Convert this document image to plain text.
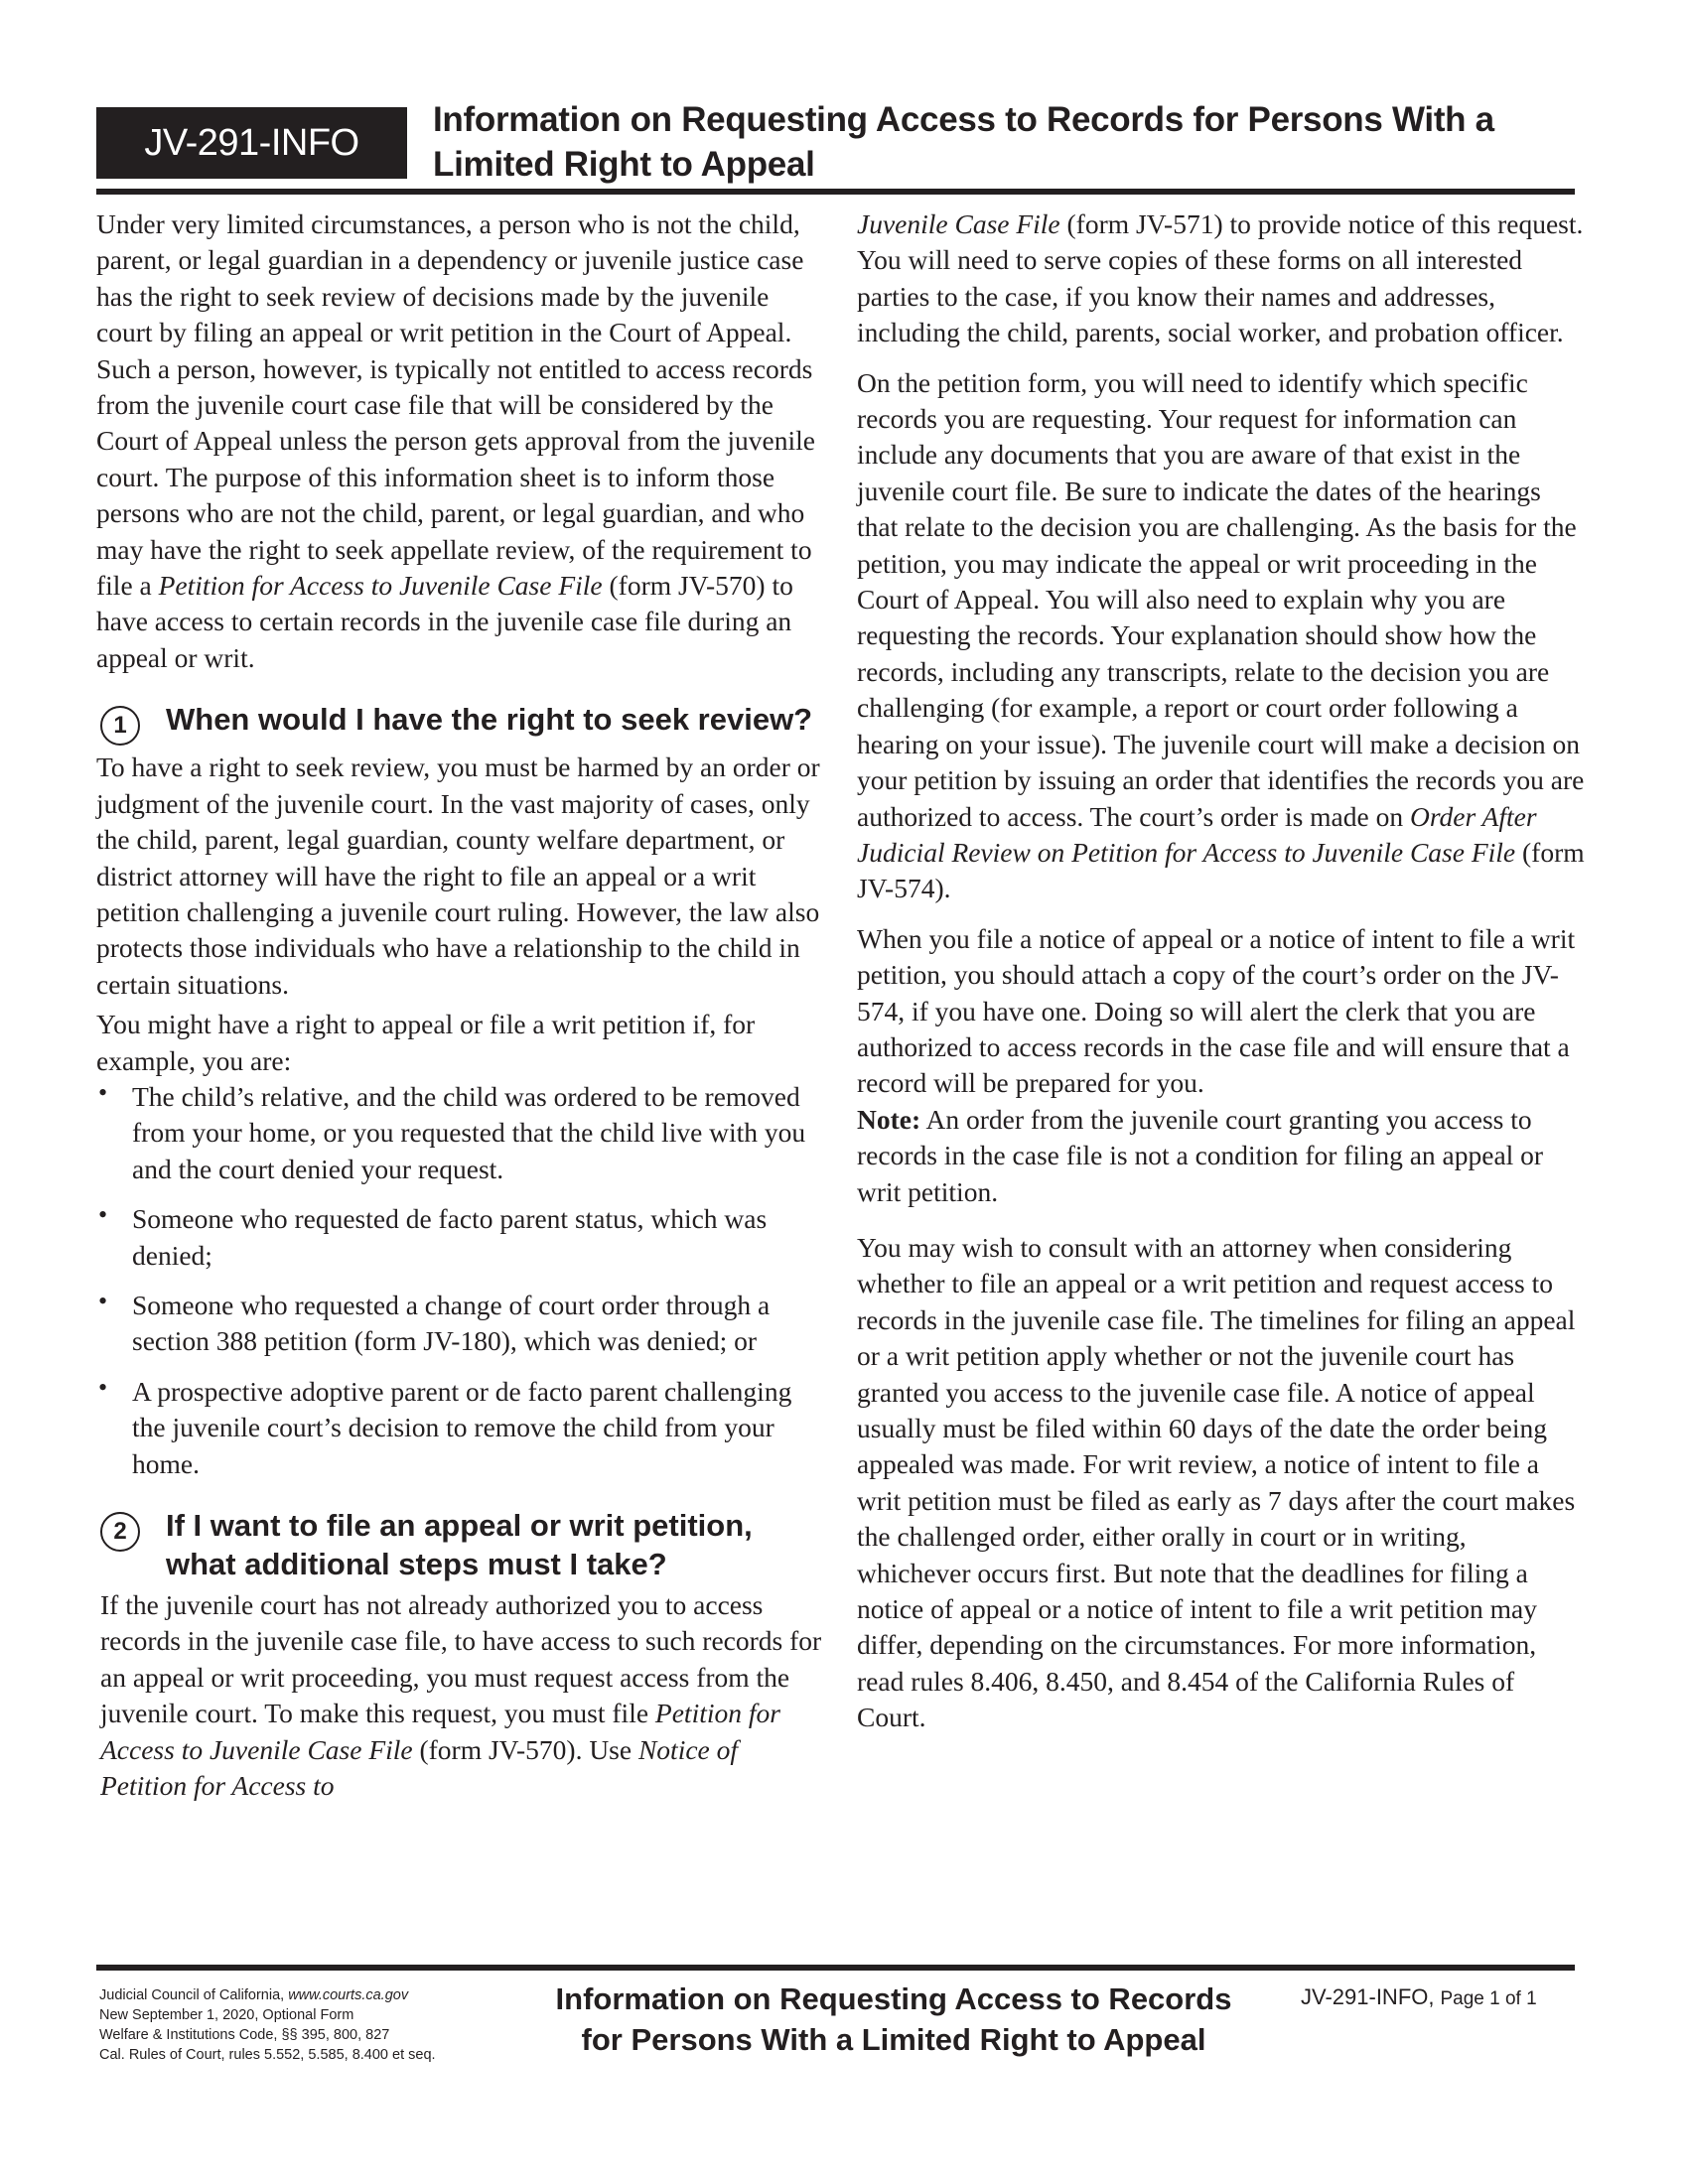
JV-291-INFO
Information on Requesting Access to Records for Persons With a Limited Right to Appeal

Under very limited circumstances, a person who is not the child, parent, or legal guardian in a dependency or juvenile justice case has the right to seek review of decisions made by the juvenile court by filing an appeal or writ petition in the Court of Appeal. Such a person, however, is typically not entitled to access records from the juvenile court case file that will be considered by the Court of Appeal unless the person gets approval from the juvenile court. The purpose of this information sheet is to inform those persons who are not the child, parent, or legal guardian, and who may have the right to seek appellate review, of the requirement to file a Petition for Access to Juvenile Case File (form JV-570) to have access to certain records in the juvenile case file during an appeal or writ.

1	When would I have the right to seek review?

To have a right to seek review, you must be harmed by an order or judgment of the juvenile court. In the vast majority of cases, only the child, parent, legal guardian, county welfare department, or district attorney will have the right to file an appeal or a writ petition challenging a juvenile court ruling. However, the law also protects those individuals who have a relationship to the child in certain situations.

You might have a right to appeal or file a writ petition if, for example, you are:

• The child’s relative, and the child was ordered to be removed from your home, or you requested that the child live with you and the court denied your request.
• Someone who requested de facto parent status, which was denied;
• Someone who requested a change of court order through a section 388 petition (form JV-180), which was denied; or
• A prospective adoptive parent or de facto parent challenging the juvenile court’s decision to remove the child from your home.
2	If I want to file an appeal or writ petition, what additional steps must I take?

If the juvenile court has not already authorized you to access records in the juvenile case file, to have access to such records for an appeal or writ proceeding, you must request access from the juvenile court. To make this request, you must file Petition for Access to Juvenile Case File (form JV-570). Use Notice of Petition for Access to

Juvenile Case File (form JV-571) to provide notice of this request. You will need to serve copies of these forms on all interested parties to the case, if you know their names and addresses, including the child, parents, social worker, and probation officer.

On the petition form, you will need to identify which specific records you are requesting. Your request for information can include any documents that you are aware of that exist in the juvenile court file. Be sure to indicate the dates of the hearings that relate to the decision you are challenging. As the basis for the petition, you may indicate the appeal or writ proceeding in the Court of Appeal. You will also need to explain why you are requesting the records. Your explanation should show how the records, including any transcripts, relate to the decision you are challenging (for example, a report or court order following a hearing on your issue). The juvenile court will make a decision on your petition by issuing an order that identifies the records you are authorized to access. The court’s order is made on Order After Judicial Review on Petition for Access to Juvenile Case File (form JV-574).

When you file a notice of appeal or a notice of intent to file a writ petition, you should attach a copy of the court’s order on the JV-574, if you have one. Doing so will alert the clerk that you are authorized to access records in the case file and will ensure that a record will be prepared for you.

Note: An order from the juvenile court granting you access to records in the case file is not a condition for filing an appeal or writ petition.

You may wish to consult with an attorney when considering whether to file an appeal or a writ petition and request access to records in the juvenile case file. The timelines for filing an appeal or a writ petition apply whether or not the juvenile court has granted you access to the juvenile case file. A notice of appeal usually must be filed within 60 days of the date the order being appealed was made. For writ review, a notice of intent to file a writ petition must be filed as early as 7 days after the court makes the challenged order, either orally in court or in writing, whichever occurs first. But note that the deadlines for filing a notice of appeal or a notice of intent to file a writ petition may differ, depending on the circumstances. For more information, read rules 8.406, 8.450, and 8.454 of the California Rules of Court.

Judicial Council of California, www.courts.ca.gov
New September 1, 2020, Optional Form
Welfare & Institutions Code, §§ 395, 800, 827
Cal. Rules of Court, rules 5.552, 5.585, 8.400 et seq.
Information on Requesting Access to Records
for Persons With a Limited Right to Appeal
JV-291-INFO, Page 1 of 1
